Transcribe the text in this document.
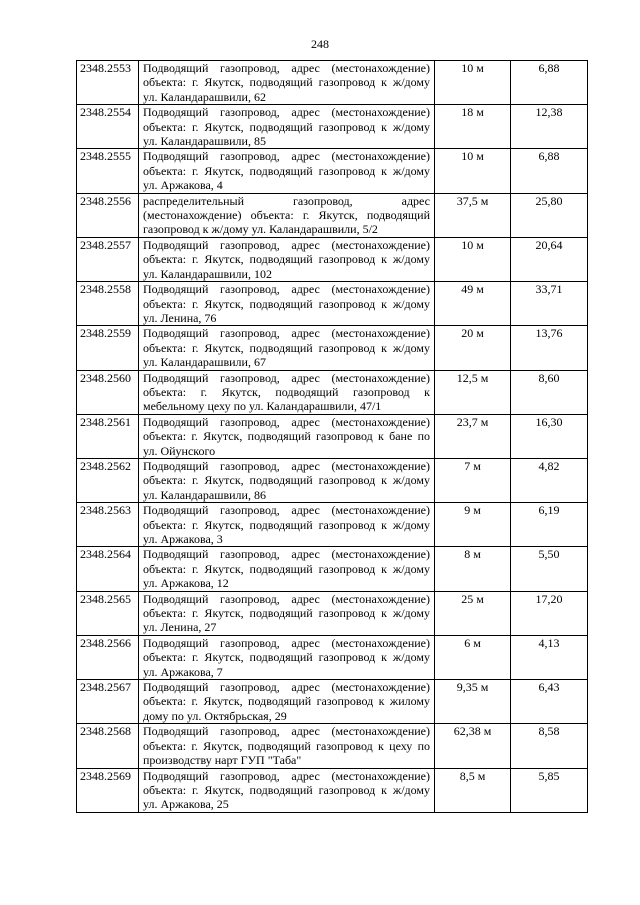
248
2348.2553	Подводящий газопровод, адрес (местонахождение) объекта: г. Якутск, подводящий газопровод к ж/дому ул. Каландарашвили, 62	10 м	6,88
2348.2554	Подводящий газопровод, адрес (местонахождение) объекта: г. Якутск, подводящий газопровод к ж/дому ул. Каландарашвили, 85	18 м	12,38
2348.2555	Подводящий газопровод, адрес (местонахождение) объекта: г. Якутск, подводящий газопровод к ж/дому ул. Аржакова, 4	10 м	6,88
2348.2556	распределительный газопровод, адрес (местонахождение) объекта: г. Якутск, подводящий газопровод к ж/дому ул. Каландарашвили, 5/2	37,5 м	25,80
2348.2557	Подводящий газопровод, адрес (местонахождение) объекта: г. Якутск, подводящий газопровод к ж/дому ул. Каландарашвили, 102	10 м	20,64
2348.2558	Подводящий газопровод, адрес (местонахождение) объекта: г. Якутск, подводящий газопровод к ж/дому ул. Ленина, 76	49 м	33,71
2348.2559	Подводящий газопровод, адрес (местонахождение) объекта: г. Якутск, подводящий газопровод к ж/дому ул. Каландарашвили, 67	20 м	13,76
2348.2560	Подводящий газопровод, адрес (местонахождение) объекта: г. Якутск, подводящий газопровод к мебельному цеху по ул. Каландарашвили, 47/1	12,5 м	8,60
2348.2561	Подводящий газопровод, адрес (местонахождение) объекта: г. Якутск, подводящий газопровод к бане по ул. Ойунского	23,7 м	16,30
2348.2562	Подводящий газопровод, адрес (местонахождение) объекта: г. Якутск, подводящий газопровод к ж/дому ул. Каландарашвили, 86	7 м	4,82
2348.2563	Подводящий газопровод, адрес (местонахождение) объекта: г. Якутск, подводящий газопровод к ж/дому ул. Аржакова, 3	9 м	6,19
2348.2564	Подводящий газопровод, адрес (местонахождение) объекта: г. Якутск, подводящий газопровод к ж/дому ул. Аржакова, 12	8 м	5,50
2348.2565	Подводящий газопровод, адрес (местонахождение) объекта: г. Якутск, подводящий газопровод к ж/дому ул. Ленина, 27	25 м	17,20
2348.2566	Подводящий газопровод, адрес (местонахождение) объекта: г. Якутск, подводящий газопровод к ж/дому ул. Аржакова, 7	6 м	4,13
2348.2567	Подводящий газопровод, адрес (местонахождение) объекта: г. Якутск, подводящий газопровод к жилому дому по ул. Октябрьская, 29	9,35 м	6,43
2348.2568	Подводящий газопровод, адрес (местонахождение) объекта: г. Якутск, подводящий газопровод к цеху по производству нарт ГУП "Таба"	62,38 м	8,58
2348.2569	Подводящий газопровод, адрес (местонахождение) объекта: г. Якутск, подводящий газопровод к ж/дому ул. Аржакова, 25	8,5 м	5,85
